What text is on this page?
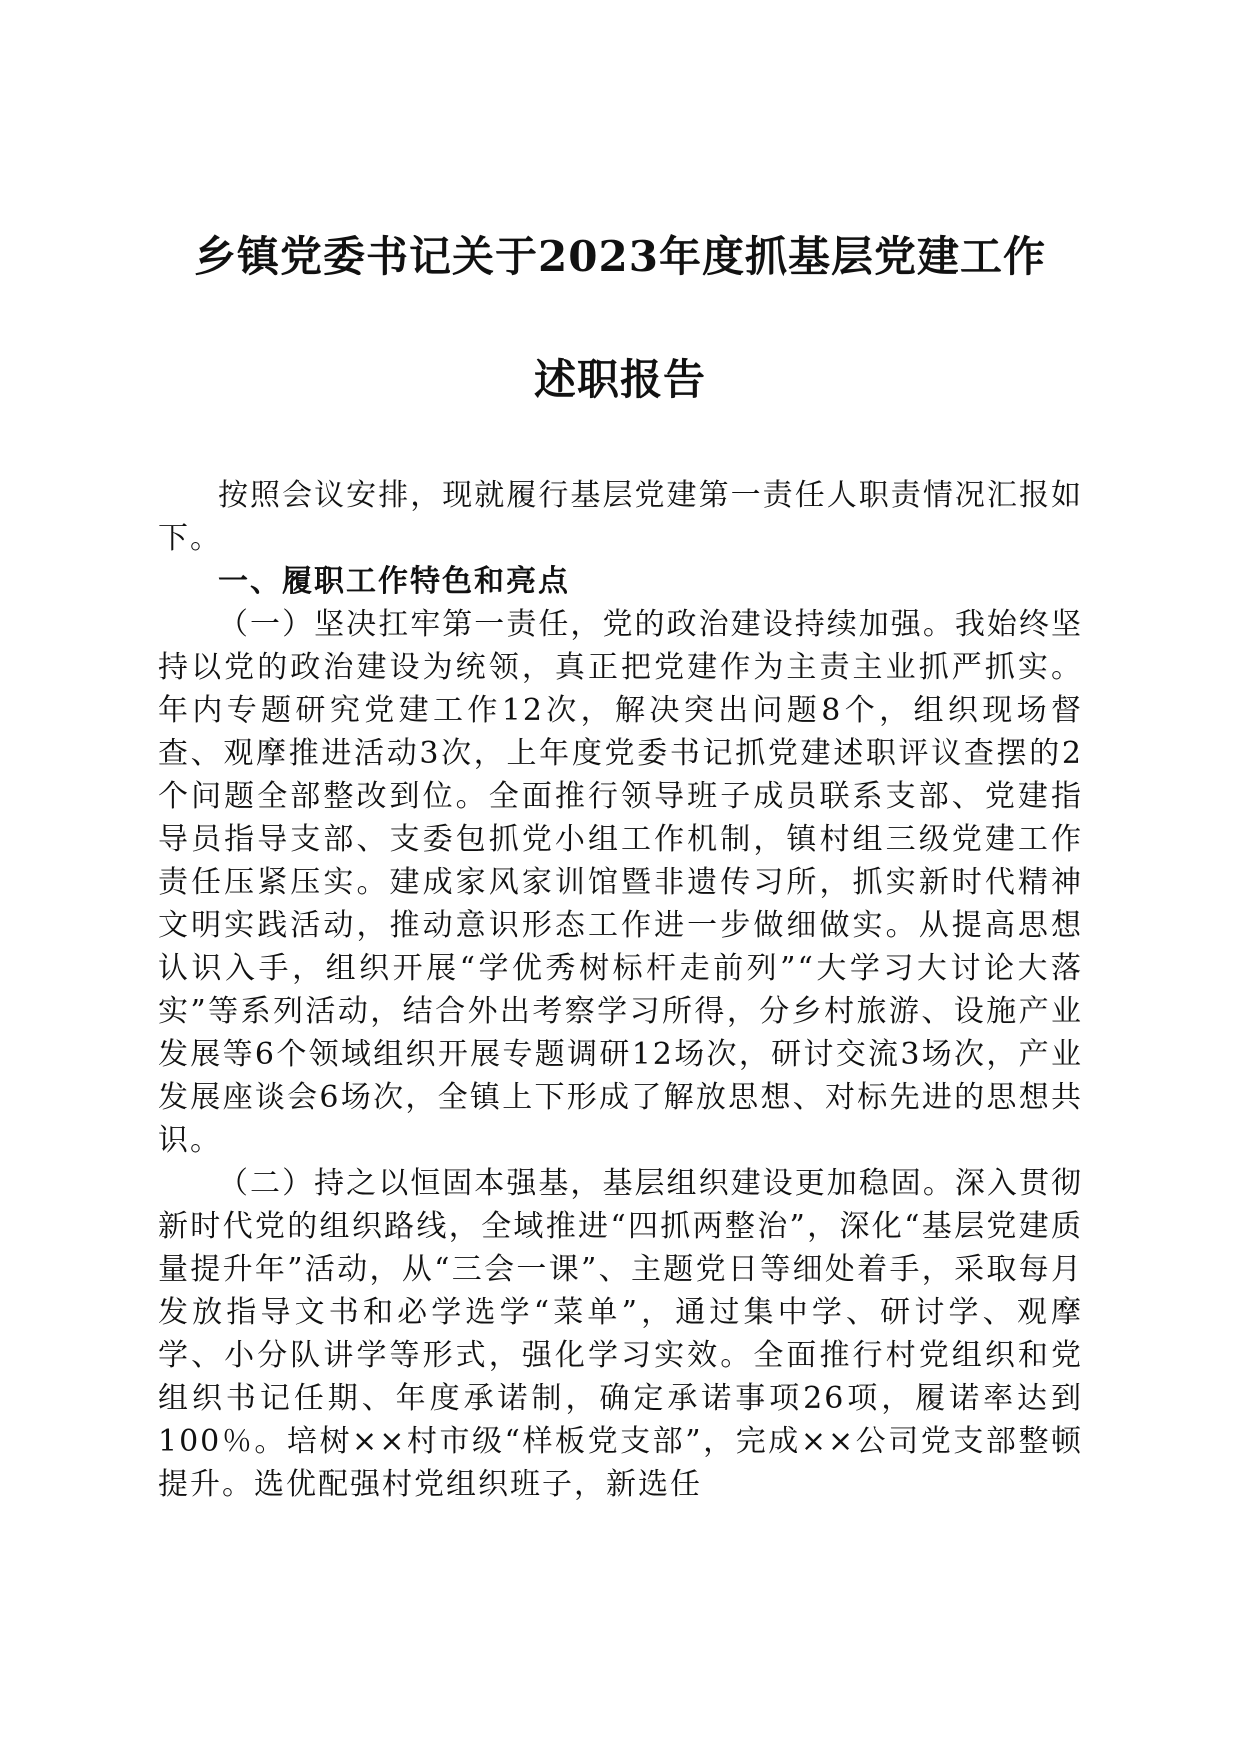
乡镇党委书记关于2023年度抓基层党建工作
述职报告

按照会议安排，现就履行基层党建第一责任人职责情况汇报如下。

一、履职工作特色和亮点

（一）坚决扛牢第一责任，党的政治建设持续加强。我始终坚持以党的政治建设为统领，真正把党建作为主责主业抓严抓实。年内专题研究党建工作12次，解决突出问题8个，组织现场督查、观摩推进活动3次，上年度党委书记抓党建述职评议查摆的2个问题全部整改到位。全面推行领导班子成员联系支部、党建指导员指导支部、支委包抓党小组工作机制，镇村组三级党建工作责任压紧压实。建成家风家训馆暨非遗传习所，抓实新时代精神文明实践活动，推动意识形态工作进一步做细做实。从提高思想认识入手，组织开展“学优秀树标杆走前列”“大学习大讨论大落实”等系列活动，结合外出考察学习所得，分乡村旅游、设施产业发展等6个领域组织开展专题调研12场次，研讨交流3场次，产业发展座谈会6场次，全镇上下形成了解放思想、对标先进的思想共识。

（二）持之以恒固本强基，基层组织建设更加稳固。深入贯彻新时代党的组织路线，全域推进“四抓两整治”，深化“基层党建质量提升年”活动，从“三会一课”、主题党日等细处着手，采取每月发放指导文书和必学选学“菜单”，通过集中学、研讨学、观摩学、小分队讲学等形式，强化学习实效。全面推行村党组织和党组织书记任期、年度承诺制，确定承诺事项26项，履诺率达到100％。培树××村市级“样板党支部”，完成××公司党支部整顿提升。选优配强村党组织班子，新选任
